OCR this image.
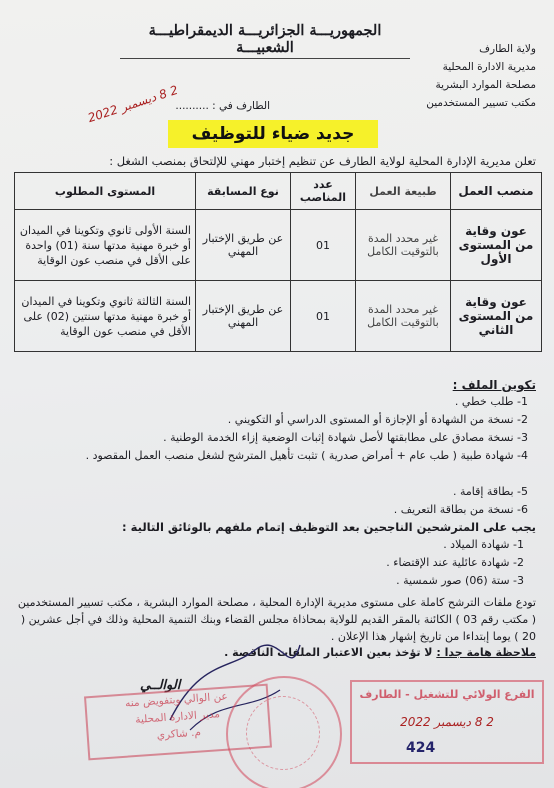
الجمهوريـــة الجزائريـــة الديمقراطيـــة الشعبيـــة	ولاية الطارف
مديرية الادارة المحلية
مصلحة الموارد البشرية
مكتب تسيير المستخدمين
الطارف في : ..........
2 8 ديسمبر 2022
جديد ضياء للتوظيف
تعلن مديرية الإدارة المحلية لولاية الطارف عن تنظيم إختبار مهني للإلتحاق بمنصب الشغل :
منصب العمل	طبيعة العمل	عدد المناصب	نوع المسابقة	المستوى المطلوب
عون وقاية من المستوى الأول	غير محدد المدة بالتوقيت الكامل	01	عن طريق الإختبار المهني	السنة الأولى ثانوي وتكوينا في الميدان أو خبرة مهنية مدتها سنة (01) واحدة على الأقل في منصب عون الوقاية
عون وقاية من المستوى الثاني	غير محدد المدة بالتوقيت الكامل	01	عن طريق الإختبار المهني	السنة الثالثة ثانوي وتكوينا في الميدان أو خبرة مهنية مدتها سنتين (02) على الأقل في منصب عون الوقاية
تكوين الملف :
1- طلب خطي .
2- نسخة من الشهادة أو الإجازة أو المستوى الدراسي أو التكويني .
3- نسخة مصادق على مطابقتها لأصل شهادة إثبات الوضعية إزاء الخدمة الوطنية .
4- شهادة طبية ( طب عام + أمراض صدرية ) تثبت تأهيل المترشح لشغل منصب العمل المقصود .
5- بطاقة إقامة .
6- نسخة من بطاقة التعريف .
يجب على المترشحين الناجحين بعد التوظيف إتمام ملفهم بالوثائق التالية :
1- شهادة الميلاد .
2- شهادة عائلية عند الإقتضاء .
3- ستة (06) صور شمسية .
تودع ملفات الترشح كاملة على مستوى مديرية الإدارة المحلية ، مصلحة الموارد البشرية ، مكتب تسيير المستخدمين ( مكتب رقم 03 ) الكائنة بالمقر القديم للولاية بمحاذاة مجلس القضاء وبنك التنمية المحلية وذلك في أجل عشرين ( 20 ) يوما إبتداءا من تاريخ إشهار هذا الإعلان .
ملاحظة هامة جدا : لا تؤخذ بعين الاعتبار الملفات الناقصة .
الوالــي
عن الوالي وبتفويض منه
مدير الادارة المحلية
م. شاكري
الفرع الولائي للتشغيل - الطارف
2 8 ديسمبر 2022
424
